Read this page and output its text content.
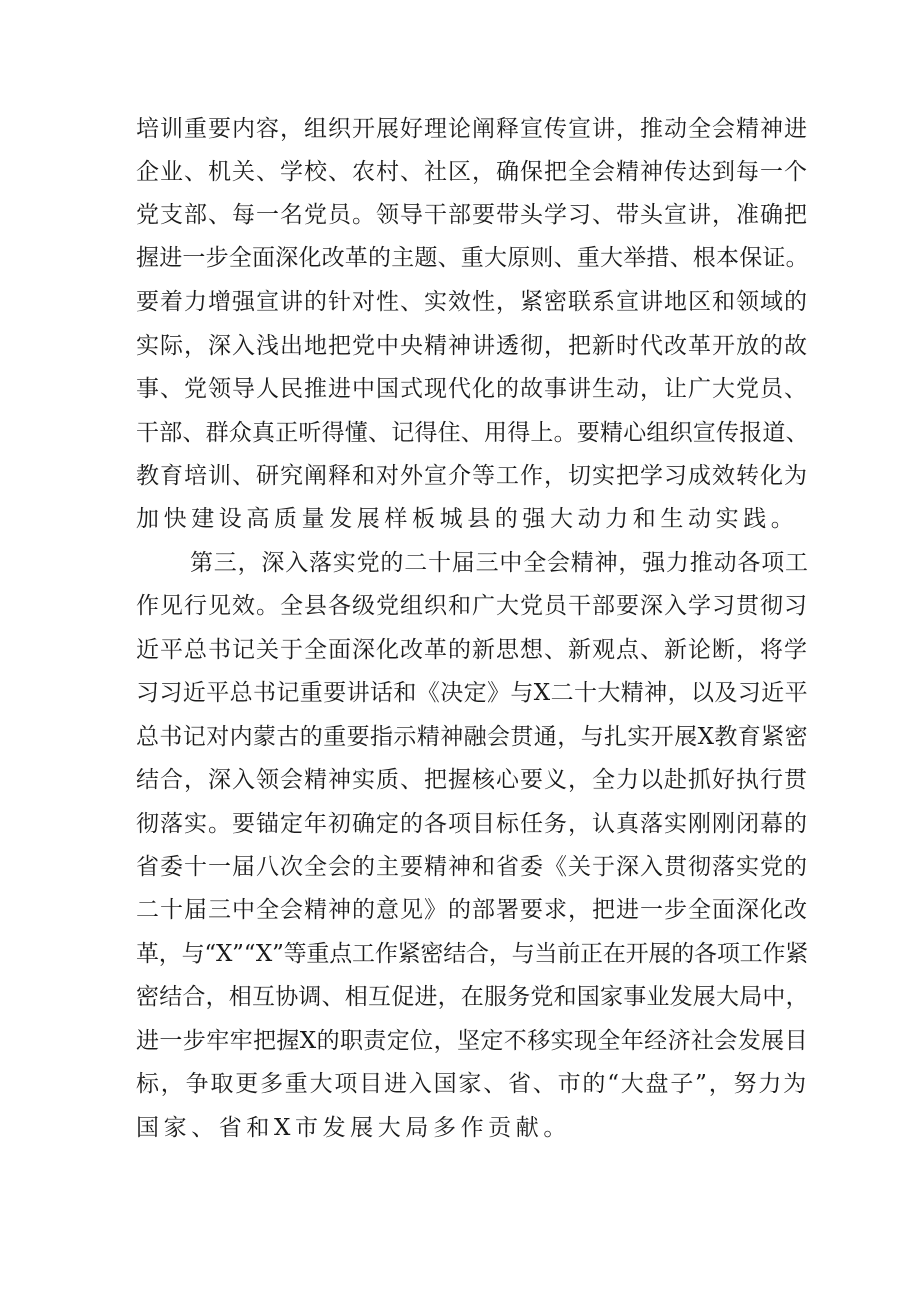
培训重要内容，组织开展好理论阐释宣传宣讲，推动全会精神进
企业、机关、学校、农村、社区，确保把全会精神传达到每一个
党支部、每一名党员。领导干部要带头学习、带头宣讲，准确把
握进一步全面深化改革的主题、重大原则、重大举措、根本保证。
要着力增强宣讲的针对性、实效性，紧密联系宣讲地区和领域的
实际，深入浅出地把党中央精神讲透彻，把新时代改革开放的故
事、党领导人民推进中国式现代化的故事讲生动，让广大党员、
干部、群众真正听得懂、记得住、用得上。要精心组织宣传报道、
教育培训、研究阐释和对外宣介等工作，切实把学习成效转化为
加快建设高质量发展样板城县的强大动力和生动实践。
第三，深入落实党的二十届三中全会精神，强力推动各项工
作见行见效。全县各级党组织和广大党员干部要深入学习贯彻习
近平总书记关于全面深化改革的新思想、新观点、新论断，将学
习习近平总书记重要讲话和《决定》与X二十大精神，以及习近平
总书记对内蒙古的重要指示精神融会贯通，与扎实开展X教育紧密
结合，深入领会精神实质、把握核心要义，全力以赴抓好执行贯
彻落实。要锚定年初确定的各项目标任务，认真落实刚刚闭幕的
省委十一届八次全会的主要精神和省委《关于深入贯彻落实党的
二十届三中全会精神的意见》的部署要求，把进一步全面深化改
革，与“X”“X”等重点工作紧密结合，与当前正在开展的各项工作紧
密结合，相互协调、相互促进，在服务党和国家事业发展大局中，
进一步牢牢把握X的职责定位，坚定不移实现全年经济社会发展目
标，争取更多重大项目进入国家、省、市的“大盘子”，努力为
国家、省和X市发展大局多作贡献。
